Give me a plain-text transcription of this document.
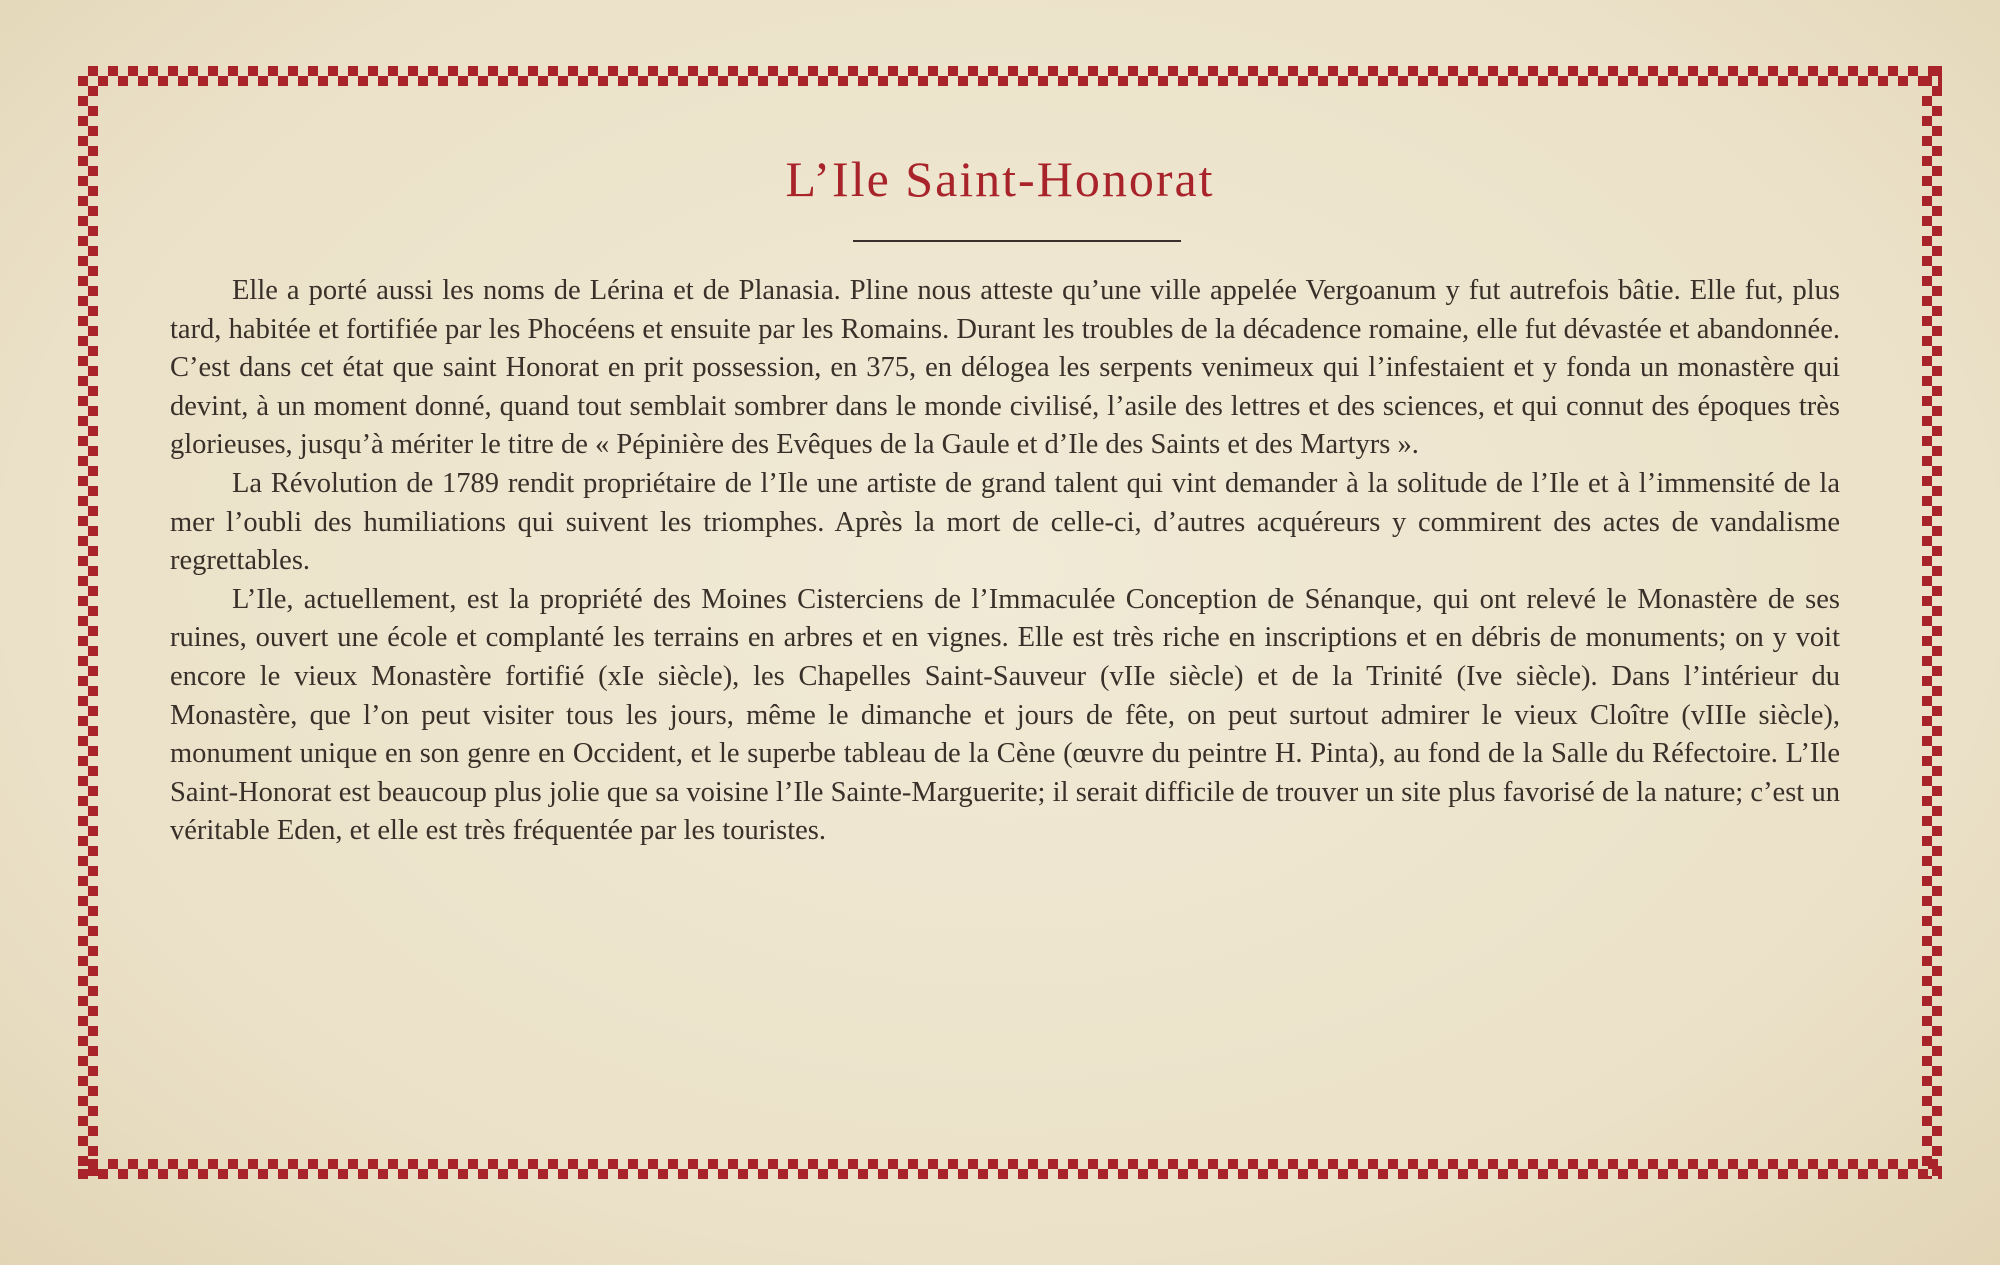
L’Ile Saint-Honorat

Elle a porté aussi les noms de Lérina et de Planasia. Pline nous atteste qu’une ville appelée Vergoanum y fut autrefois bâtie. Elle fut, plus tard, habitée et fortifiée par les Phocéens et ensuite par les Romains. Durant les troubles de la décadence romaine, elle fut dévastée et abandonnée. C’est dans cet état que saint Honorat en prit possession, en 375, en délogea les serpents venimeux qui l’infestaient et y fonda un monastère qui devint, à un moment donné, quand tout semblait sombrer dans le monde civilisé, l’asile des lettres et des sciences, et qui connut des époques très glorieuses, jusqu’à mériter le titre de « Pépinière des Evêques de la Gaule et d’Ile des Saints et des Martyrs ».

La Révolution de 1789 rendit propriétaire de l’Ile une artiste de grand talent qui vint demander à la solitude de l’Ile et à l’immensité de la mer l’oubli des humiliations qui suivent les triomphes. Après la mort de celle-ci, d’autres acquéreurs y commirent des actes de vandalisme regrettables.

L’Ile, actuellement, est la propriété des Moines Cisterciens de l’Immaculée Conception de Sénanque, qui ont relevé le Monastère de ses ruines, ouvert une école et complanté les terrains en arbres et en vignes. Elle est très riche en inscriptions et en débris de monuments; on y voit encore le vieux Monastère fortifié (xIe siècle), les Chapelles Saint-Sauveur (vIIe siècle) et de la Trinité (Ive siècle). Dans l’intérieur du Monastère, que l’on peut visiter tous les jours, même le dimanche et jours de fête, on peut surtout admirer le vieux Cloître (vIIIe siècle), monument unique en son genre en Occident, et le superbe tableau de la Cène (œuvre du peintre H. Pinta), au fond de la Salle du Réfectoire. L’Ile Saint-Honorat est beaucoup plus jolie que sa voisine l’Ile Sainte-Marguerite; il serait difficile de trouver un site plus favorisé de la nature; c’est un véritable Eden, et elle est très fréquentée par les touristes.
